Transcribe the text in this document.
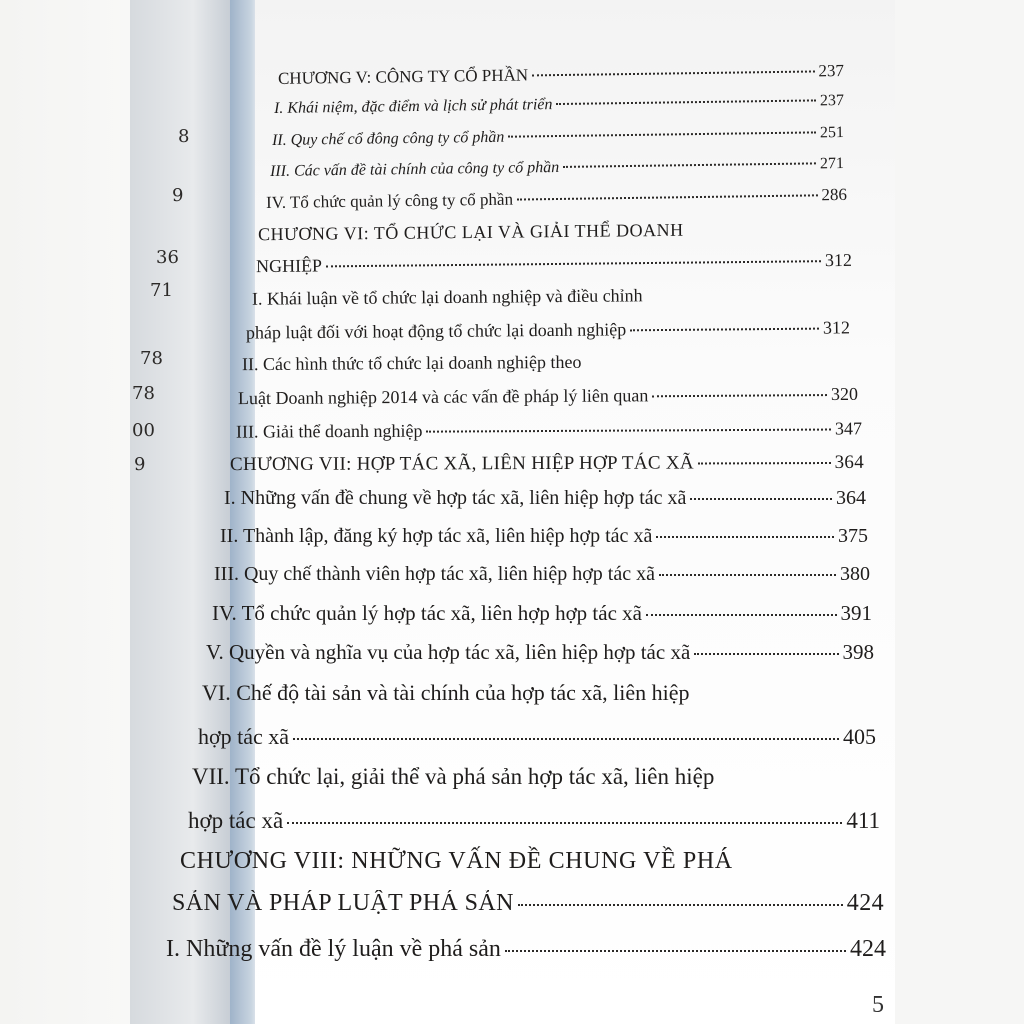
8
9
36
71
78
78
00
9
CHƯƠNG V: CÔNG TY CỔ PHẦN	237
I. Khái niệm, đặc điểm và lịch sử phát triển	237
II. Quy chế cổ đông công ty cổ phần	251
III. Các vấn đề tài chính của công ty cổ phần	271
IV. Tổ chức quản lý công ty cổ phần	286
CHƯƠNG VI: TỔ CHỨC LẠI VÀ GIẢI THỂ DOANH
NGHIỆP	312
I. Khái luận về tổ chức lại doanh nghiệp và điều chỉnh
pháp luật đối với hoạt động tổ chức lại doanh nghiệp	312
II. Các hình thức tổ chức lại doanh nghiệp theo
Luật Doanh nghiệp 2014 và các vấn đề pháp lý liên quan	320
III. Giải thể doanh nghiệp	347
CHƯƠNG VII: HỢP TÁC XÃ, LIÊN HIỆP HỢP TÁC XÃ	364
I. Những vấn đề chung về hợp tác xã, liên hiệp hợp tác xã	364
II. Thành lập, đăng ký hợp tác xã, liên hiệp hợp tác xã	375
III. Quy chế thành viên hợp tác xã, liên hiệp hợp tác xã	380
IV. Tổ chức quản lý hợp tác xã, liên hợp hợp tác xã	391
V. Quyền và nghĩa vụ của hợp tác xã, liên hiệp hợp tác xã	398
VI. Chế độ tài sản và tài chính của hợp tác xã, liên hiệp
hợp tác xã	405
VII. Tổ chức lại, giải thể và phá sản hợp tác xã, liên hiệp
hợp tác xã	411
CHƯƠNG VIII: NHỮNG VẤN ĐỀ CHUNG VỀ PHÁ
SẢN VÀ PHÁP LUẬT PHÁ SẢN	424
I. Những vấn đề lý luận về phá sản	424
5
